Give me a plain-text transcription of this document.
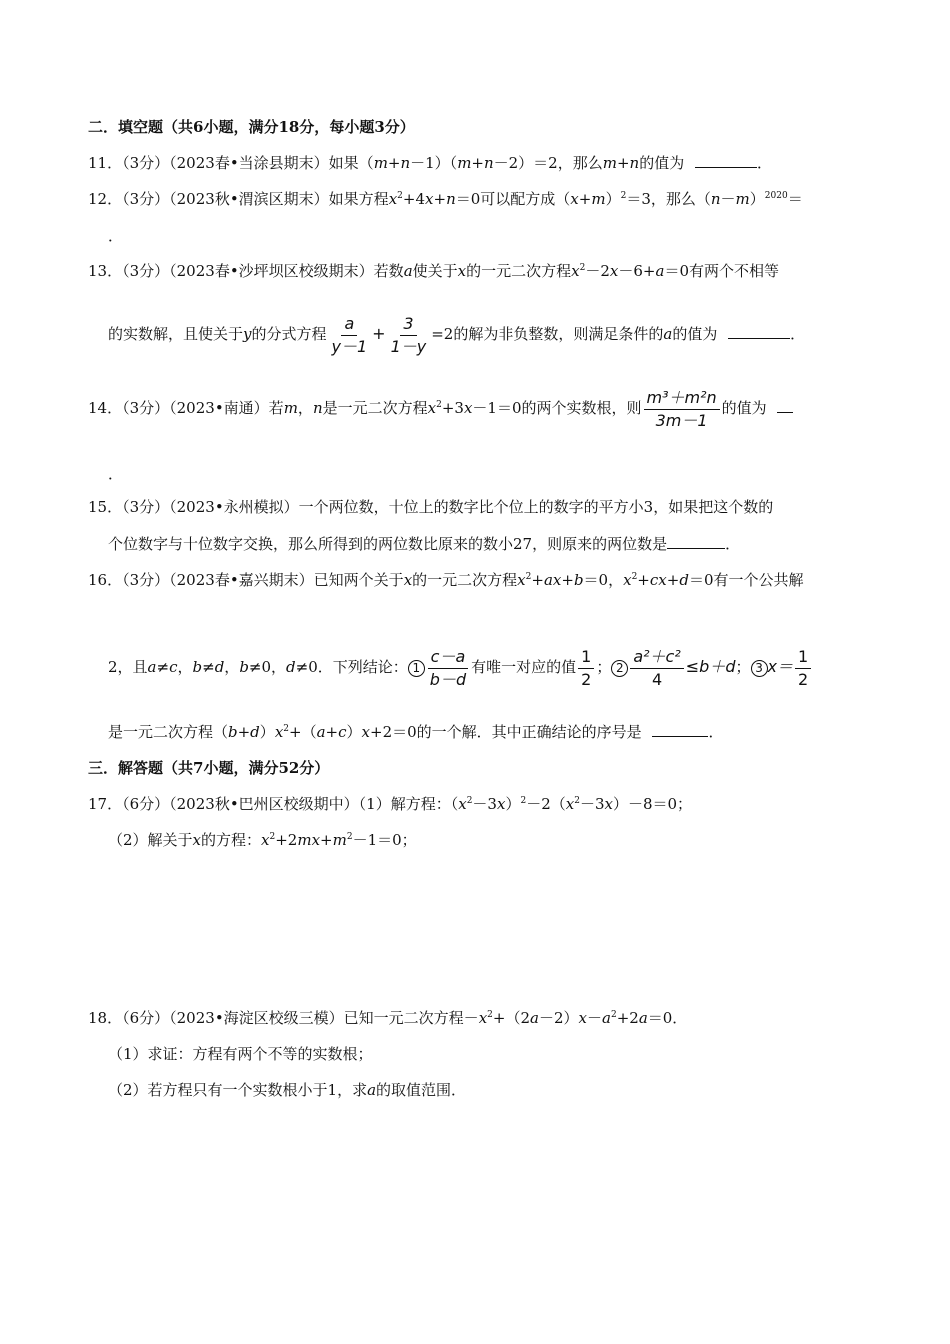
二．填空题（共6小题，满分18分，每小题3分）
11．（3分）（2023春•当涂县期末）如果（m+n－1）（m+n－2）＝2，那么m+n的值为	．
12．（3分）（2023秋•渭滨区期末）如果方程$x^2+4x+n=0$可以配方成$(x+m)^2=3$，那么$(n-m)^{2020}=$
．
13．（3分）（2023春•沙坪坝区校级期末）若数a使关于x的一元二次方程$x^2-2x-6+a=0$有两个不相等
的实数解，且使关于y的分式方程 $\frac{a}{y-1} + \frac{3}{1-y} =2$的解为非负整数，则满足条件的a的值为	．
14．（3分）（2023•南通）若m，n是一元二次方程$x^2+3x-1=0$的两个实数根，则 $\frac{\text{m³＋m²n}}{3m-1}$ 的值为
．
15．（3分）（2023•永州模拟）一个两位数，十位上的数字比个位上的数字的平方小3，如果把这个数的
个位数字与十位数字交换，那么所得到的两位数比原来的数小27，则原来的两位数是	．
16．（3分）（2023春•嘉兴期末）已知两个关于x的一元二次方程$x^2+ax+b=0$，$x^2+cx+d=0$有一个公共解
2，且a≠c，b≠d，b≠0，d≠0．下列结论： $1 \frac{c-a}{b-d}$ 有唯一对应的值 $\frac{1}{2}$ ； $2 \frac{\text{a²＋c²}}{4} \le b+d$； 3 $x= \frac{1}{2}$
是一元二次方程$(b+d)x^2+(a+c)x+2=0$的一个解．其中正确结论的序号是	．
三．解答题（共7小题，满分52分）
17．（6分）（2023秋•巴州区校级期中）（1）解方程：$(x^2-3x)^2-2(x^2-3x)-8=0$；
（2）解关于x的方程：$x^2+2mx+m^2-1=0$；
18．（6分）（2023•海淀区校级三模）已知一元二次方程$-x^2+(2a-2)x-a^2+2a=0$．
（1）求证：方程有两个不等的实数根；
（2）若方程只有一个实数根小于1，求a的取值范围．
